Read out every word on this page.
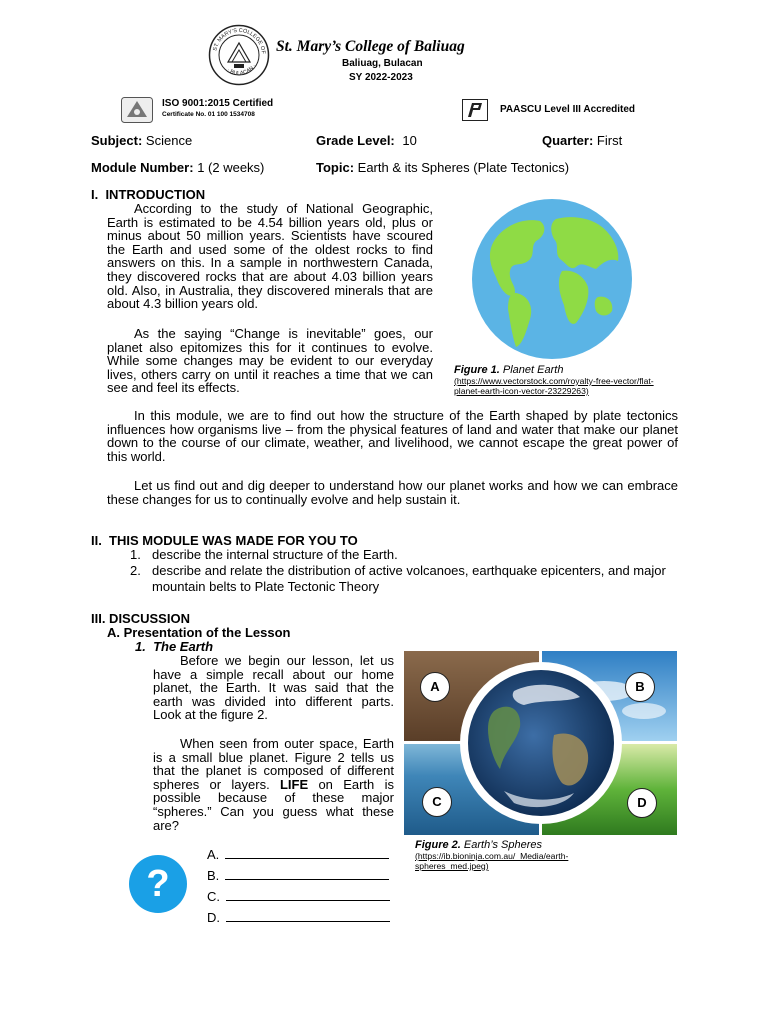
ST. MARY'S COLLEGE OF
· BULACAN ·
St. Mary’s College of Baliuag
Baliuag, Bulacan
SY 2022-2023
ISO 9001:2015 Certified
Certificate No. 01 100 1534708	PAASCU Level III Accredited
Subject: Science	Grade Level: 10	Quarter: First
Module Number: 1 (2 weeks)	Topic: Earth & its Spheres (Plate Tectonics)
I.  INTRODUCTION

According to the study of National Geographic, Earth is estimated to be 4.54 billion years old, plus or minus about 50 million years. Scientists have scoured the Earth and used some of the oldest rocks to find answers on this. In a sample in northwestern Canada, they discovered rocks that are about 4.03 billion years old. Also, in Australia, they discovered minerals that are about 4.3 billion years old.

As the saying “Change is inevitable” goes, our planet also epitomizes this for it continues to evolve. While some changes may be evident to our everyday lives, others carry on until it reaches a time that we can see and feel its effects.

Figure 1. Planet Earth
(https://www.vectorstock.com/royalty-free-vector/flat-planet-earth-icon-vector-23229263)

In this module, we are to find out how the structure of the Earth shaped by plate tectonics influences how organisms live – from the physical features of land and water that make our planet down to the course of our climate, weather, and livelihood, we cannot escape the great power of this world.

Let us find out and dig deeper to understand how our planet works and how we can embrace these changes for us to continually evolve and help sustain it.

II.  THIS MODULE WAS MADE FOR YOU TO
1. describe the internal structure of the Earth.
2. describe and relate the distribution of active volcanoes, earthquake epicenters, and major mountain belts to Plate Tectonic Theory
III. DISCUSSION
A. Presentation of the Lesson
1.  The Earth

Before we begin our lesson, let us have a simple recall about our home planet, the Earth. It was said that the earth was divided into different parts. Look at the figure 2.

When seen from outer space, Earth is a small blue planet. Figure 2 tells us that the planet is composed of different spheres or layers. LIFE on Earth is possible because of these major “spheres.” Can you guess what these are?

A	B
C	D
Figure 2. Earth’s Spheres
(https://ib.bioninja.com.au/_Media/earth-spheres_med.jpeg)
?
A.
B.
C.
D.
